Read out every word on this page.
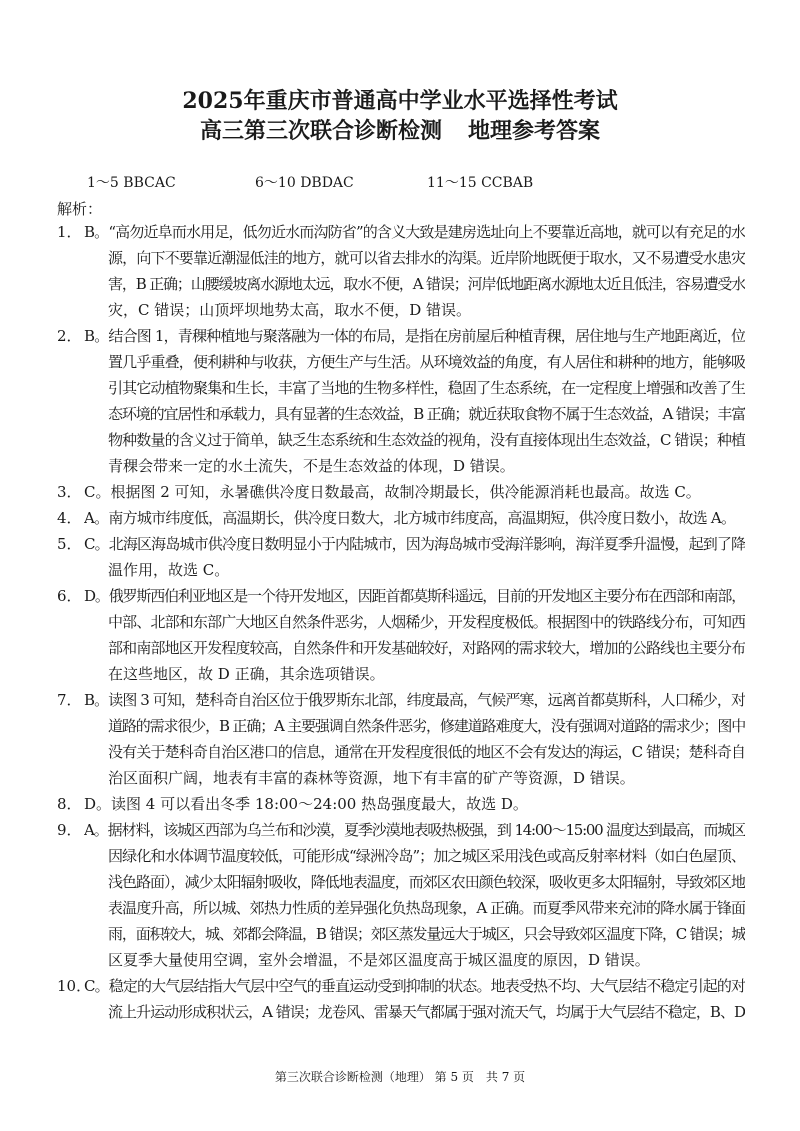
2025年重庆市普通高中学业水平选择性考试
高三第三次联合诊断检测 地理参考答案
1～5 BBCAC	6～10 DBDAC	11～15 CCBAB
解析：
1． B。“高勿近阜而水用足，低勿近水而沟防省”的含义大致是建房选址向上不要靠近高地，就可以有充足的水
源，向下不要靠近潮湿低洼的地方，就可以省去排水的沟渠。近岸阶地既便于取水，又不易遭受水患灾
害，B 正确；山腰缓坡离水源地太远，取水不便，A 错误；河岸低地距离水源地太近且低洼，容易遭受水
灾，C 错误；山顶坪坝地势太高，取水不便，D 错误。
2． B。结合图 1，青稞种植地与聚落融为一体的布局，是指在房前屋后种植青稞，居住地与生产地距离近，位
置几乎重叠，便利耕种与收获，方便生产与生活。从环境效益的角度，有人居住和耕种的地方，能够吸
引其它动植物聚集和生长，丰富了当地的生物多样性，稳固了生态系统，在一定程度上增强和改善了生
态环境的宜居性和承载力，具有显著的生态效益，B 正确；就近获取食物不属于生态效益，A 错误；丰富
物种数量的含义过于简单，缺乏生态系统和生态效益的视角，没有直接体现出生态效益，C 错误；种植
青稞会带来一定的水土流失，不是生态效益的体现，D 错误。
3． C。根据图 2 可知，永暑礁供冷度日数最高，故制冷期最长，供冷能源消耗也最高。故选 C。
4． A。南方城市纬度低，高温期长，供冷度日数大，北方城市纬度高，高温期短，供冷度日数小，故选 A。
5． C。北海区海岛城市供冷度日数明显小于内陆城市，因为海岛城市受海洋影响，海洋夏季升温慢，起到了降
温作用，故选 C。
6． D。俄罗斯西伯利亚地区是一个待开发地区，因距首都莫斯科遥远，目前的开发地区主要分布在西部和南部，
中部、北部和东部广大地区自然条件恶劣，人烟稀少，开发程度极低。根据图中的铁路线分布，可知西
部和南部地区开发程度较高，自然条件和开发基础较好，对路网的需求较大，增加的公路线也主要分布
在这些地区，故 D 正确，其余选项错误。
7． B。读图 3 可知，楚科奇自治区位于俄罗斯东北部，纬度最高，气候严寒，远离首都莫斯科，人口稀少，对
道路的需求很少，B 正确；A 主要强调自然条件恶劣，修建道路难度大，没有强调对道路的需求少；图中
没有关于楚科奇自治区港口的信息，通常在开发程度很低的地区不会有发达的海运，C 错误；楚科奇自
治区面积广阔，地表有丰富的森林等资源，地下有丰富的矿产等资源，D 错误。
8． D。读图 4 可以看出冬季 18:00～24:00 热岛强度最大，故选 D。
9． A。据材料，该城区西部为乌兰布和沙漠，夏季沙漠地表吸热极强，到 14:00～15:00 温度达到最高，而城区
因绿化和水体调节温度较低，可能形成“绿洲冷岛”；加之城区采用浅色或高反射率材料（如白色屋顶、
浅色路面），减少太阳辐射吸收，降低地表温度，而郊区农田颜色较深，吸收更多太阳辐射，导致郊区地
表温度升高，所以城、郊热力性质的差异强化负热岛现象，A 正确。而夏季风带来充沛的降水属于锋面
雨，面积较大，城、郊都会降温，B 错误；郊区蒸发量远大于城区，只会导致郊区温度下降，C 错误；城
区夏季大量使用空调，室外会增温，不是郊区温度高于城区温度的原因，D 错误。
10．
C。稳定的大气层结指大气层中空气的垂直运动受到抑制的状态。地表受热不均、大气层结不稳定引起的对
流上升运动形成积状云，A 错误；龙卷风、雷暴天气都属于强对流天气，均属于大气层结不稳定，B、D
第三次联合诊断检测（地理） 第 5 页　共 7 页
